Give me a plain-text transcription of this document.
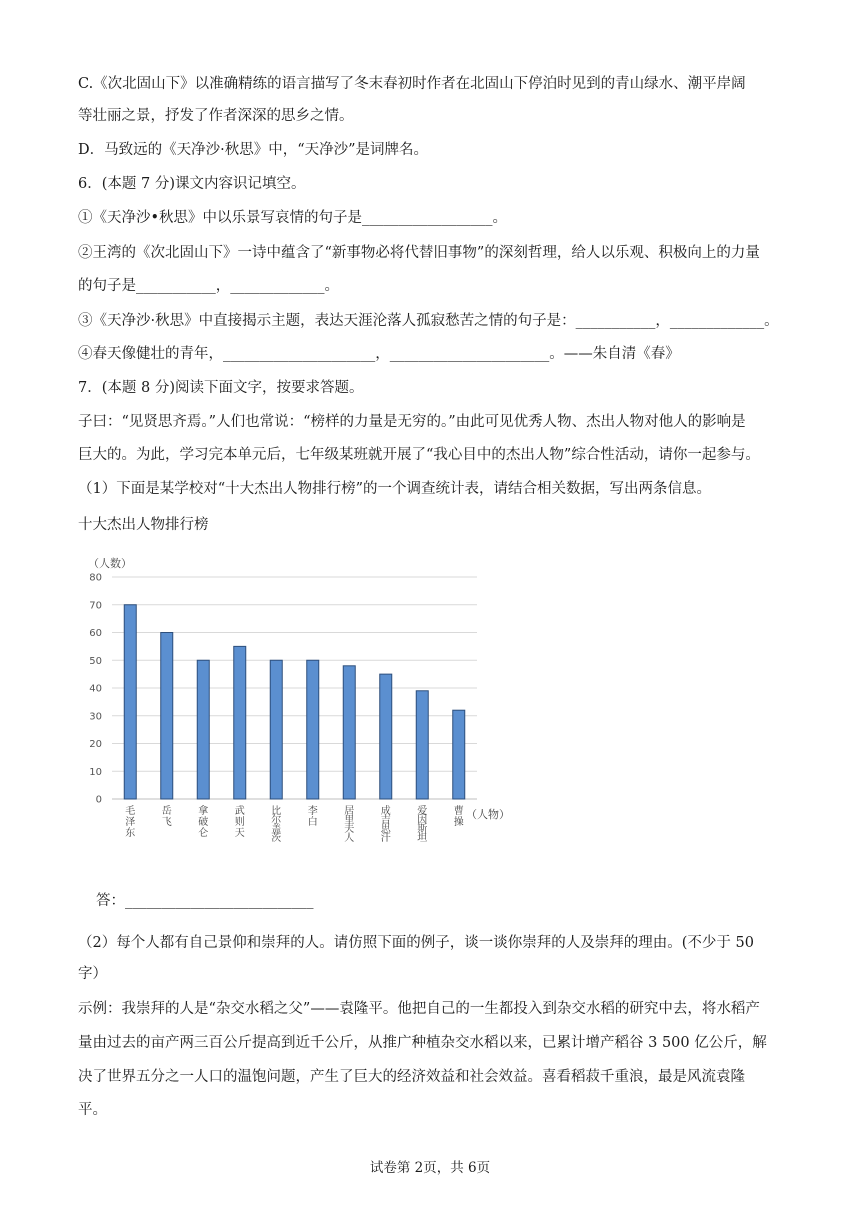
C.《次北固山下》以准确精练的语言描写了冬末春初时作者在北固山下停泊时见到的青山绿水、潮平岸阔
等壮丽之景，抒发了作者深深的思乡之情。
D．马致远的《天净沙·秋思》中，“天净沙”是词牌名。
6．(本题 7 分)课文内容识记填空。
①《天净沙•秋思》中以乐景写哀情的句子是__________________。
②王湾的《次北固山下》一诗中蕴含了“新事物必将代替旧事物”的深刻哲理，给人以乐观、积极向上的力量
的句子是___________，_____________。
③《天净沙·秋思》中直接揭示主题，表达天涯沦落人孤寂愁苦之情的句子是：___________，_____________。
④春天像健壮的青年，_____________________，______________________。——朱自清《春》
7．(本题 8 分)阅读下面文字，按要求答题。
子曰：“见贤思齐焉。”人们也常说：“榜样的力量是无穷的。”由此可见优秀人物、杰出人物对他人的影响是
巨大的。为此，学习完本单元后，七年级某班就开展了“我心目中的杰出人物”综合性活动，请你一起参与。
（1）下面是某学校对“十大杰出人物排行榜”的一个调查统计表，请结合相关数据，写出两条信息。
十大杰出人物排行榜
0
10
20
30
40
50
60
70
80
（人数）
毛泽东
岳飞
拿破仑
武则天
比尔盖茨
李白
居里夫人
成吉思汗
爱因斯坦
曹操
（人物）
答：__________________________
（2）每个人都有自己景仰和崇拜的人。请仿照下面的例子，谈一谈你崇拜的人及崇拜的理由。(不少于 50
字）
示例：我崇拜的人是“杂交水稻之父”——袁隆平。他把自己的一生都投入到杂交水稻的研究中去，将水稻产
量由过去的亩产两三百公斤提高到近千公斤，从推广种植杂交水稻以来，已累计增产稻谷 3 500 亿公斤，解
决了世界五分之一人口的温饱问题，产生了巨大的经济效益和社会效益。喜看稻菽千重浪，最是风流袁隆
平。
试卷第 2页，共 6页
